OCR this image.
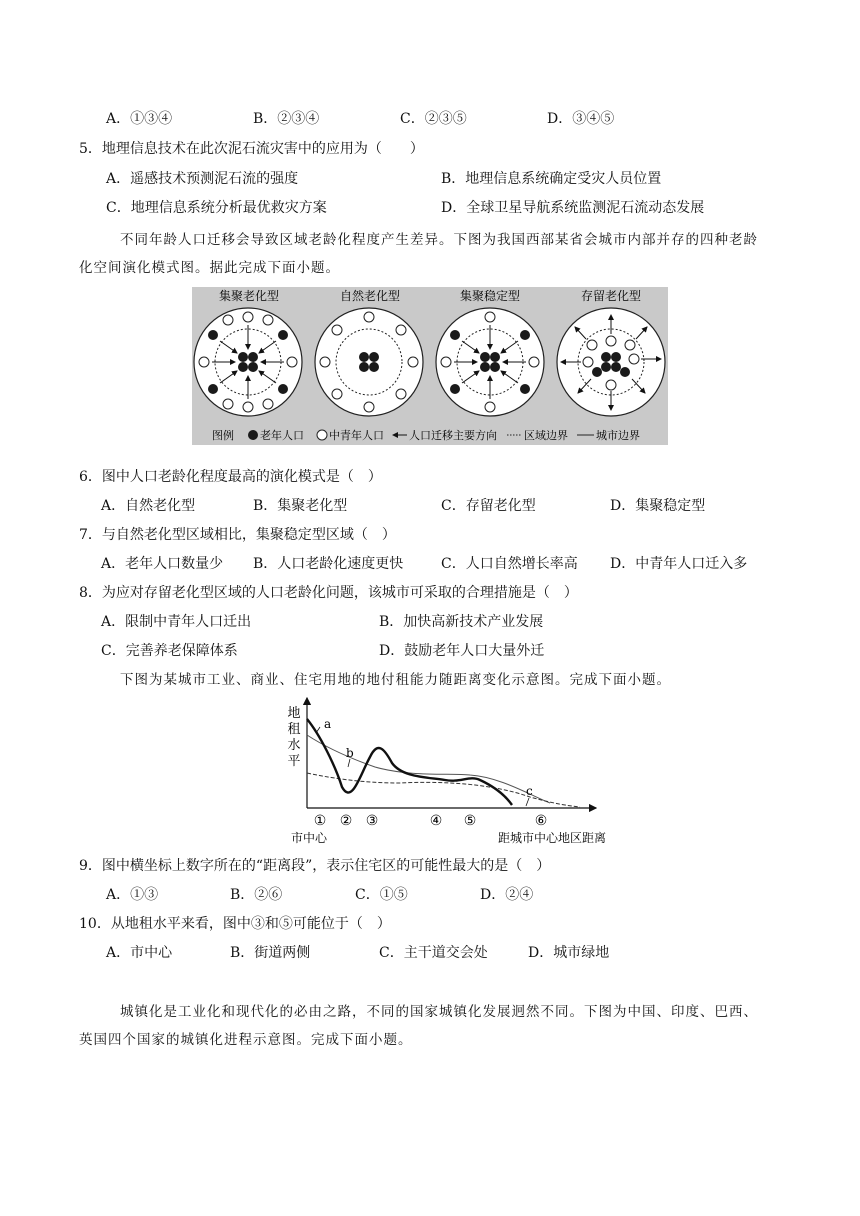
A．①③④	B．②③④	C．②③⑤	D．③④⑤
5．地理信息技术在此次泥石流灾害中的应用为（　　）
A．遥感技术预测泥石流的强度	B．地理信息系统确定受灾人员位置
C．地理信息系统分析最优救灾方案	D．全球卫星导航系统监测泥石流动态发展
不同年龄人口迁移会导致区域老龄化程度产生差异。下图为我国西部某省会城市内部并存的四种老龄
化空间演化模式图。据此完成下面小题。
集聚老化型	自然老化型	集聚稳定型	存留老化型
图例 老年人口 中青年人口 人口迁移主要方向 区域边界	城市边界
6．图中人口老龄化程度最高的演化模式是（　）
A．自然老化型	B．集聚老化型	C．存留老化型	D．集聚稳定型
7．与自然老化型区域相比，集聚稳定型区域（　）
A．老年人口数量少 B．人口老龄化速度更快	C．人口自然增长率高 D．中青年人口迁入多
8．为应对存留老化型区域的人口老龄化问题，该城市可采取的合理措施是（　）
A．限制中青年人口迁出	B．加快高新技术产业发展
C．完善养老保障体系	D．鼓励老年人口大量外迁
下图为某城市工业、商业、住宅用地的地付租能力随距离变化示意图。完成下面小题。
地
租
水
平
a
b
c
① ② ③	④ ⑤	⑥
市中心	距城市中心地区距离
9．图中横坐标上数字所在的“距离段”，表示住宅区的可能性最大的是（　）
A．①③	B．②⑥	C．①⑤	D．②④
10．从地租水平来看，图中③和⑤可能位于（　）
A．市中心	B．街道两侧	C．主干道交会处	D．城市绿地
城镇化是工业化和现代化的必由之路，不同的国家城镇化发展迥然不同。下图为中国、印度、巴西、
英国四个国家的城镇化进程示意图。完成下面小题。
